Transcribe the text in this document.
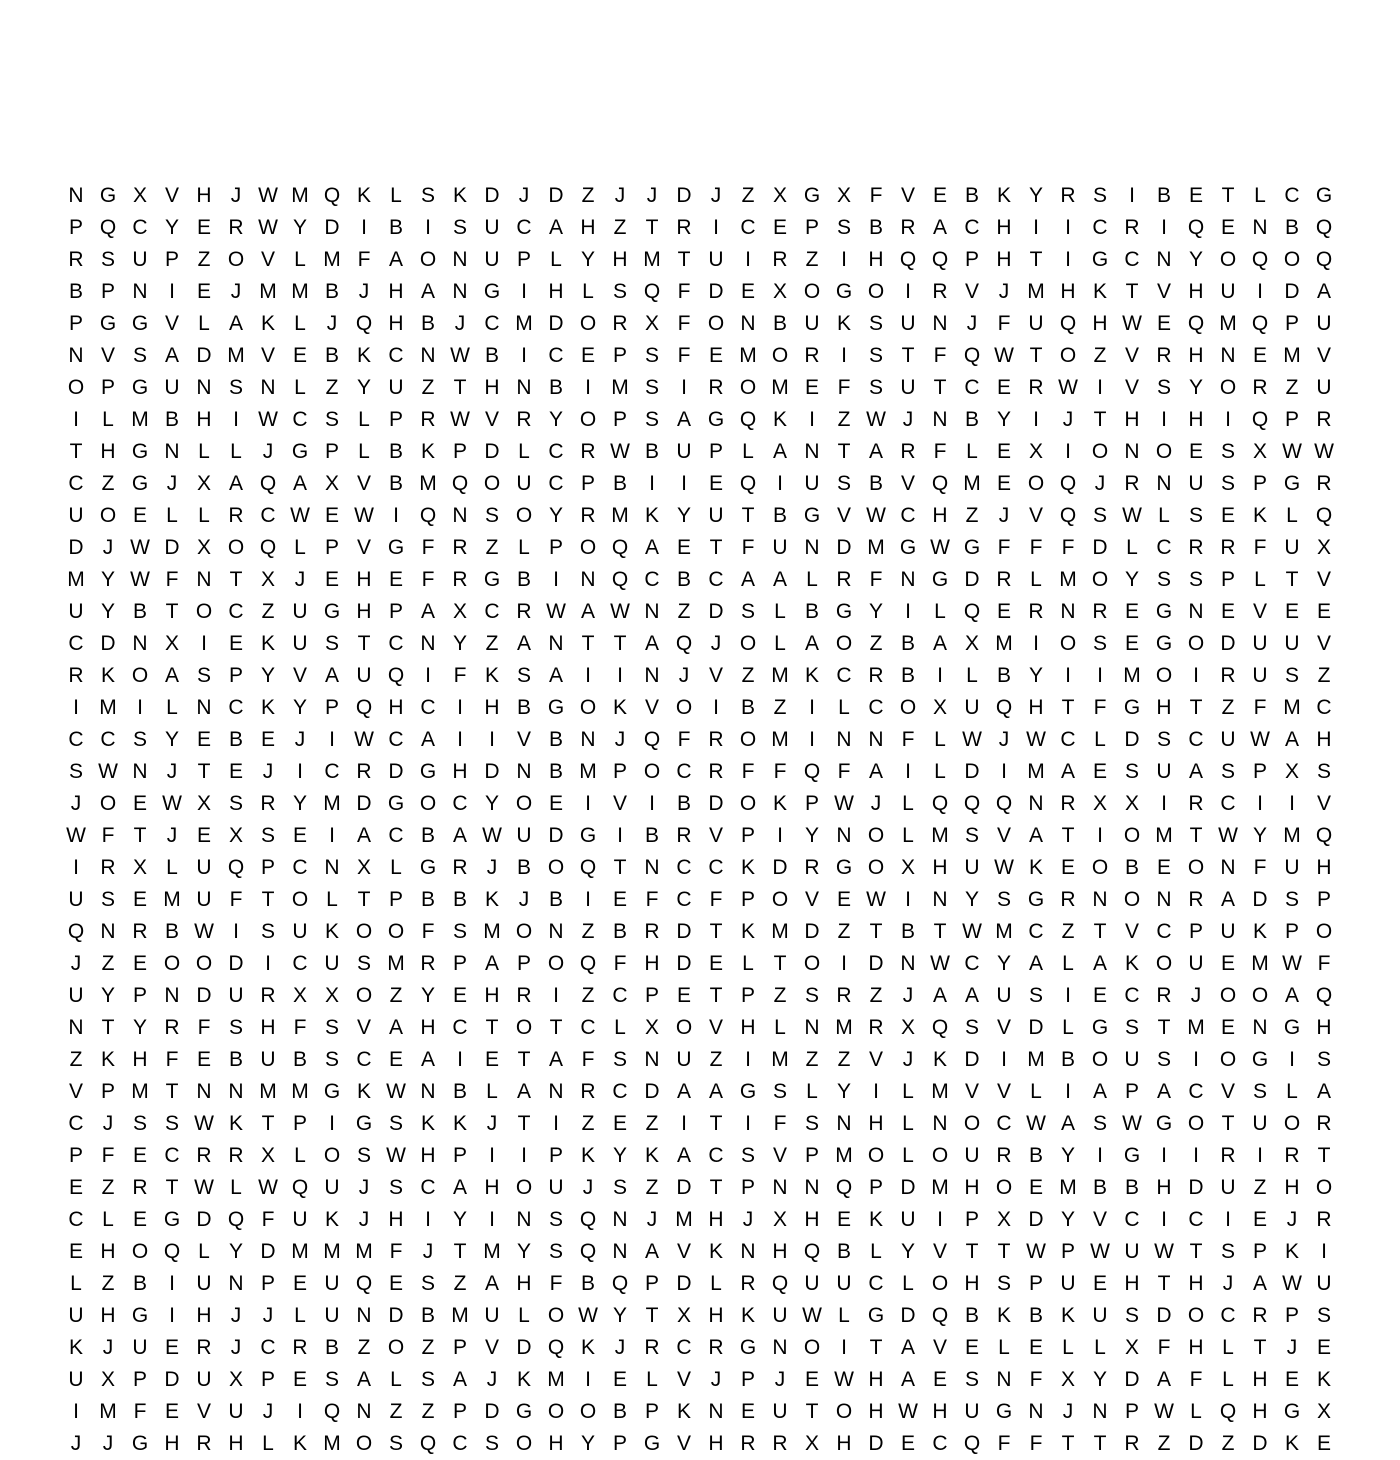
N G X V H J W M Q K L S K D J D Z J	J D J Z X G X F V E B K Y R S	I	B E T L C G
P Q C Y E R W Y D	I	B	I	S U C A H Z T R	I	C E P S B R A C H	I	I	C R	I Q E N B Q
R S U P Z O V L M F A O N U P L Y H M T U	I	R Z	I	H Q Q P H T	I G C N Y O Q O Q
B P N	I	E J M M B J H A N G I	H L S Q F D E X O G O I	R V J M H K T V H U	I	D A
P G G V L A K L J Q H B J C M D O R X F O N B U K S U N J F U Q H W E Q M Q P U
N V S A D M V E B K C N W B	I	C E P S F E M O R	I	S T F Q W T O Z V R H N E M V
O P G U N S N L Z Y U Z T H N B	I M S	I	R O M E F S U T C E R W I	V S Y O R Z U
I	L M B H	I W C S L P R W V R Y O P S A G Q K	I	Z W J N B Y	I	J T H	I	H	I Q P R
T H G N L L J G P L B K P D L C R W B U P L A N T A R F L E X	I O N O E S X W W
C Z G J X A Q A X V B M Q O U C P B	I	I	E Q I	U S B V Q M E O Q J R N U S P G R
U O E L L R C W E W I Q N S O Y R M K Y U T B G V W C H Z J V Q S W L S E K L Q
D J W D X O Q L P V G F R Z L P O Q A E T F U N D M G W G F F F D L C R R F U X
M Y W F N T X J E H E F R G B	I	N Q C B C A A L R F N G D R L M O Y S S P L T V
U Y B T O C Z U G H P A X C R W A W N Z D S L B G Y	I	L Q E R N R E G N E V E E
C D N X	I	E K U S T C N Y Z A N T T A Q J O L A O Z B A X M I O S E G O D U U V
R K O A S P Y V A U Q I	F K S A	I	I	N J V Z M K C R B	I	L B Y	I	I M O I	R U S Z
I M I	L N C K Y P Q H C	I	H B G O K V O I	B Z	I	L C O X U Q H T F G H T Z F M C
C C S Y E B E J	I W C A	I	I	V B N J Q F R O M I	N N F L W J W C L D S C U W A H
S W N J T E J	I	C R D G H D N B M P O C R F F Q F A	I	L D	I M A E S U A S P X S
J O E W X S R Y M D G O C Y O E	I	V	I	B D O K P W J L Q Q Q N R X X	I	R C	I	I	V
W F T J E X S E	I	A C B A W U D G I	B R V P	I	Y N O L M S V A T	I O M T W Y M Q
I	R X L U Q P C N X L G R J B O Q T N C C K D R G O X H U W K E O B E O N F U H
U S E M U F T O L T P B B K J B	I	E F C F P O V E W I	N Y S G R N O N R A D S P
Q N R B W I	S U K O O F S M O N Z B R D T K M D Z T B T W M C Z T V C P U K P O
J Z E O O D	I	C U S M R P A P O Q F H D E L T O I	D N W C Y A L A K O U E M W F
U Y P N D U R X X O Z Y E H R	I	Z C P E T P Z S R Z J A A U S	I	E C R J O O A Q
N T Y R F S H F S V A H C T O T C L X O V H L N M R X Q S V D L G S T M E N G H
Z K H F E B U B S C E A	I	E T A F S N U Z	I M Z Z V J K D	I M B O U S	I O G I	S
V P M T N N M M G K W N B L A N R C D A A G S L Y	I	L M V V L	I	A P A C V S L A
C J S S W K T P	I G S K K J T	I	Z E Z	I	T	I	F S N H L N O C W A S W G O T U O R
P F E C R R X L O S W H P	I	I	P K Y K A C S V P M O L O U R B Y	I G I	I	R	I	R T
E Z R T W L W Q U J S C A H O U J S Z D T P N N Q P D M H O E M B B H D U Z H O
C L E G D Q F U K J H	I	Y	I	N S Q N J M H J X H E K U	I	P X D Y V C	I	C	I	E J R
E H O Q L Y D M M M F J T M Y S Q N A V K N H Q B L Y V T T W P W U W T S P K	I
L Z B	I	U N P E U Q E S Z A H F B Q P D L R Q U U C L O H S P U E H T H J A W U
U H G I	H J	J L U N D B M U L O W Y T X H K U W L G D Q B K B K U S D O C R P S
K J U E R J C R B Z O Z P V D Q K J R C R G N O I	T A V E L E L L X F H L T J E
U X P D U X P E S A L S A J K M I	E L V J P J E W H A E S N F X Y D A F L H E K
I M F E V U J	I Q N Z Z P D G O O B P K N E U T O H W H U G N J N P W L Q H G X
J	J G H R H L K M O S Q C S O H Y P G V H R R X H D E C Q F F T T R Z D Z D K E
